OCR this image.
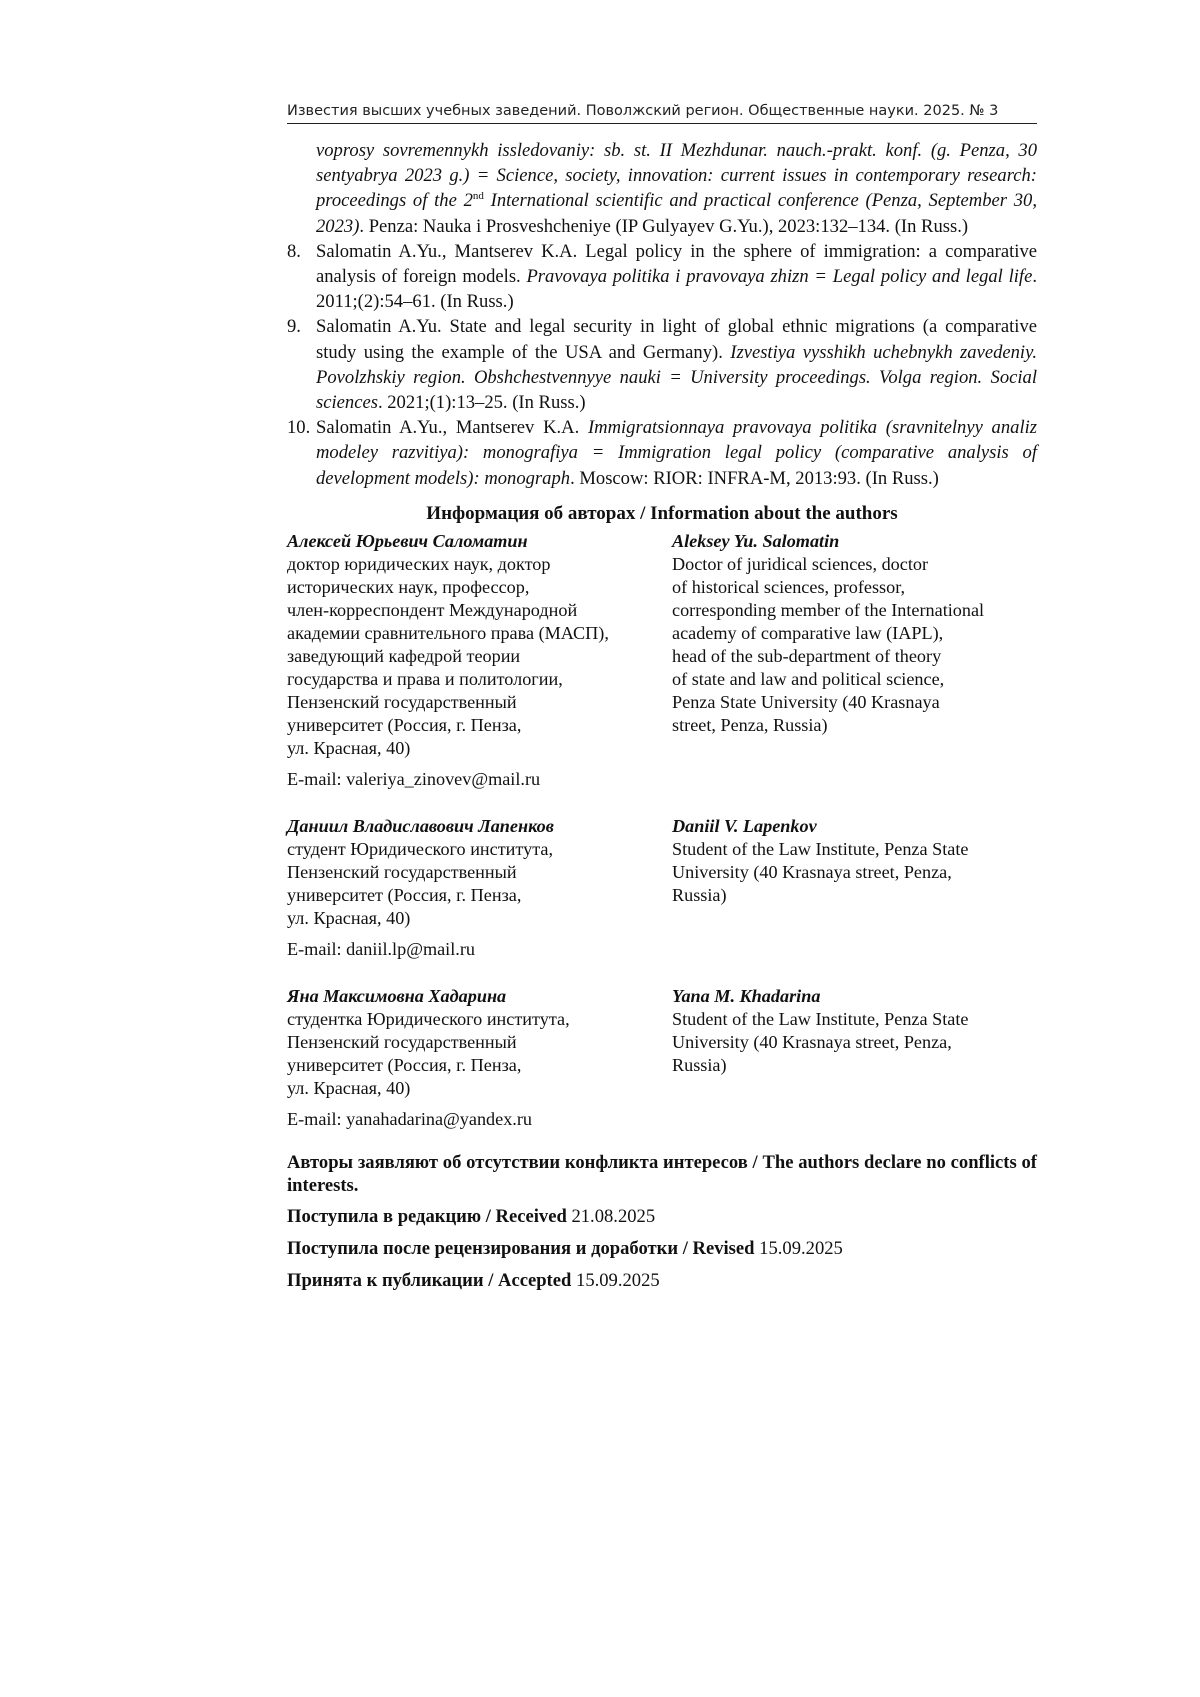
Известия высших учебных заведений. Поволжский регион. Общественные науки. 2025. № 3
voprosy sovremennykh issledovaniy: sb. st. II Mezhdunar. nauch.-prakt. konf. (g. Penza, 30 sentyabrya 2023 g.) = Science, society, innovation: current issues in contemporary research: proceedings of the 2nd International scientific and practical conference (Penza, September 30, 2023). Penza: Nauka i Prosveshcheniye (IP Gulyayev G.Yu.), 2023:132–134. (In Russ.)
8. Salomatin A.Yu., Mantserev K.A. Legal policy in the sphere of immigration: a comparative analysis of foreign models. Pravovaya politika i pravovaya zhizn = Legal policy and legal life. 2011;(2):54–61. (In Russ.)
9. Salomatin A.Yu. State and legal security in light of global ethnic migrations (a comparative study using the example of the USA and Germany). Izvestiya vysshikh uchebnykh zavedeniy. Povolzhskiy region. Obshchestvennyye nauki = University proceedings. Volga region. Social sciences. 2021;(1):13–25. (In Russ.)
10. Salomatin A.Yu., Mantserev K.A. Immigratsionnaya pravovaya politika (sravnitelnyy analiz modeley razvitiya): monografiya = Immigration legal policy (comparative analysis of development models): monograph. Moscow: RIOR: INFRA-M, 2013:93. (In Russ.)
Информация об авторах / Information about the authors
Алексей Юрьевич Саломатин
доктор юридических наук, доктор
исторических наук, профессор,
член-корреспондент Международной
академии сравнительного права (МАСП),
заведующий кафедрой теории
государства и права и политологии,
Пензенский государственный
университет (Россия, г. Пенза,
ул. Красная, 40)
Aleksey Yu. Salomatin
Doctor of juridical sciences, doctor
of historical sciences, professor,
corresponding member of the International
academy of comparative law (IAPL),
head of the sub-department of theory
of state and law and political science,
Penza State University (40 Krasnaya
street, Penza, Russia)
E-mail: valeriya_zinovev@mail.ru
Даниил Владиславович Лапенков
студент Юридического института,
Пензенский государственный
университет (Россия, г. Пенза,
ул. Красная, 40)
Daniil V. Lapenkov
Student of the Law Institute, Penza State
University (40 Krasnaya street, Penza,
Russia)
E-mail: daniil.lp@mail.ru
Яна Максимовна Хадарина
студентка Юридического института,
Пензенский государственный
университет (Россия, г. Пенза,
ул. Красная, 40)
Yana M. Khadarina
Student of the Law Institute, Penza State
University (40 Krasnaya street, Penza,
Russia)
E-mail: yanahadarina@yandex.ru
Авторы заявляют об отсутствии конфликта интересов / The authors declare no conflicts of interests.
Поступила в редакцию / Received 21.08.2025
Поступила после рецензирования и доработки / Revised 15.09.2025
Принята к публикации / Accepted 15.09.2025
